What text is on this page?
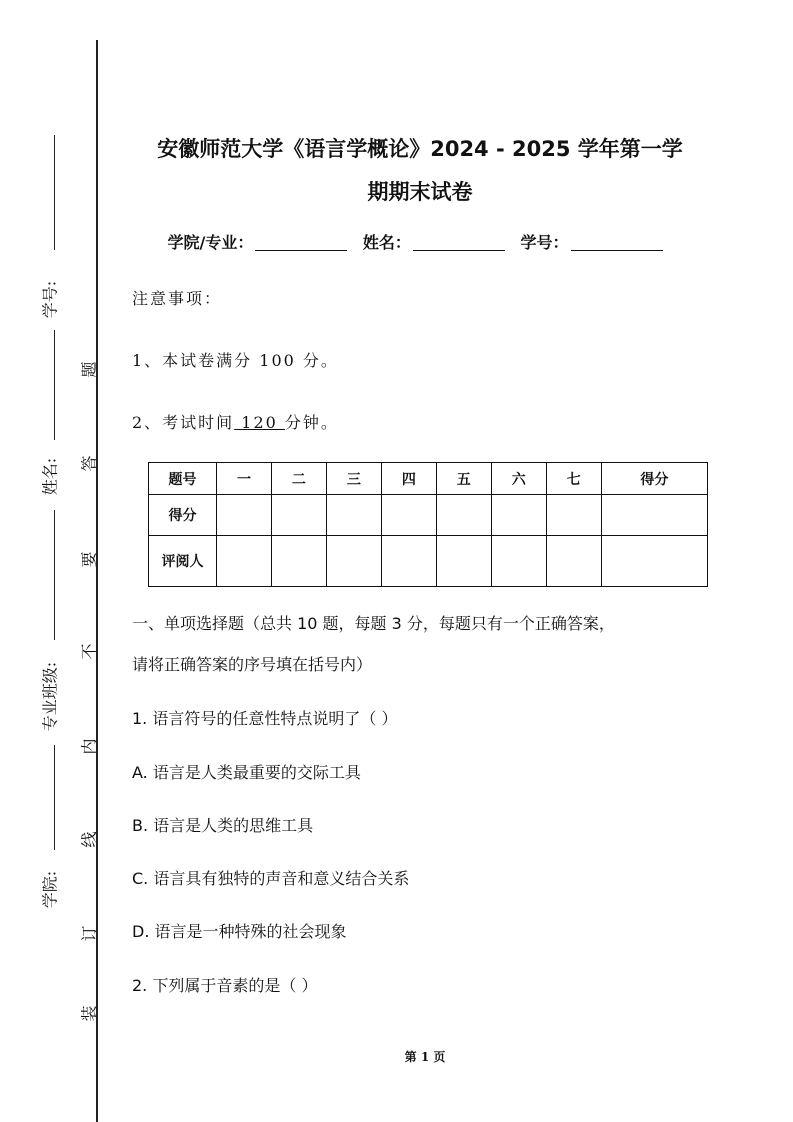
学号:
姓名:
专业班级:
学院:
题
答
要
不
内
线
订
装
安徽师范大学《语言学概论》2024 - 2025 学年第一学
期期末试卷
学院/专业：	姓名：	学号：
注意事项：
1、本试卷满分 100 分。
2、考试时间 120 分钟。
题号	一	二	三	四	五	六	七	得分
得分								
评阅人								
一、单项选择题（总共 10 题，每题 3 分，每题只有一个正确答案，
请将正确答案的序号填在括号内）
1. 语言符号的任意性特点说明了（ ）
A. 语言是人类最重要的交际工具
B. 语言是人类的思维工具
C. 语言具有独特的声音和意义结合关系
D. 语言是一种特殊的社会现象
2. 下列属于音素的是（ ）
第 1 页
